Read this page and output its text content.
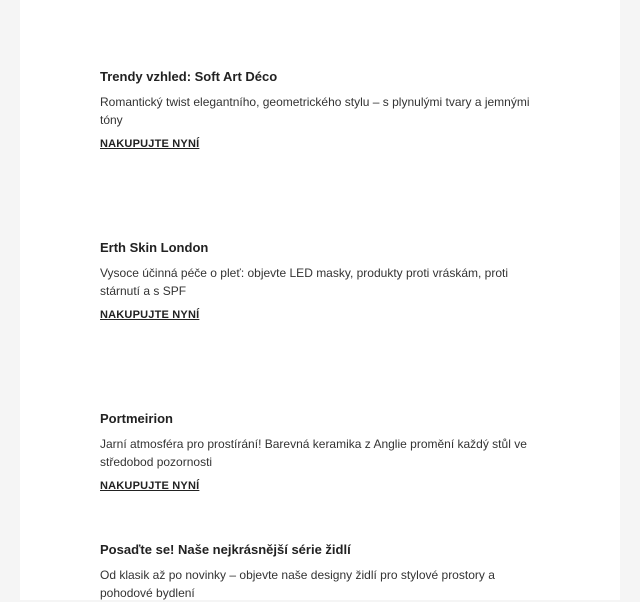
Trendy vzhled: Soft Art Déco

Romantický twist elegantního, geometrického stylu – s plynulými tvary a jemnými tóny

NAKUPUJTE NYNÍ
Erth Skin London

Vysoce účinná péče o pleť: objevte LED masky, produkty proti vráskám, proti stárnutí a s SPF

NAKUPUJTE NYNÍ
Portmeirion

Jarní atmosféra pro prostírání! Barevná keramika z Anglie promění každý stůl ve středobod pozornosti

NAKUPUJTE NYNÍ
Posaďte se! Naše nejkrásnější série židlí

Od klasik až po novinky – objevte naše designy židlí pro stylové prostory a pohodové bydlení
